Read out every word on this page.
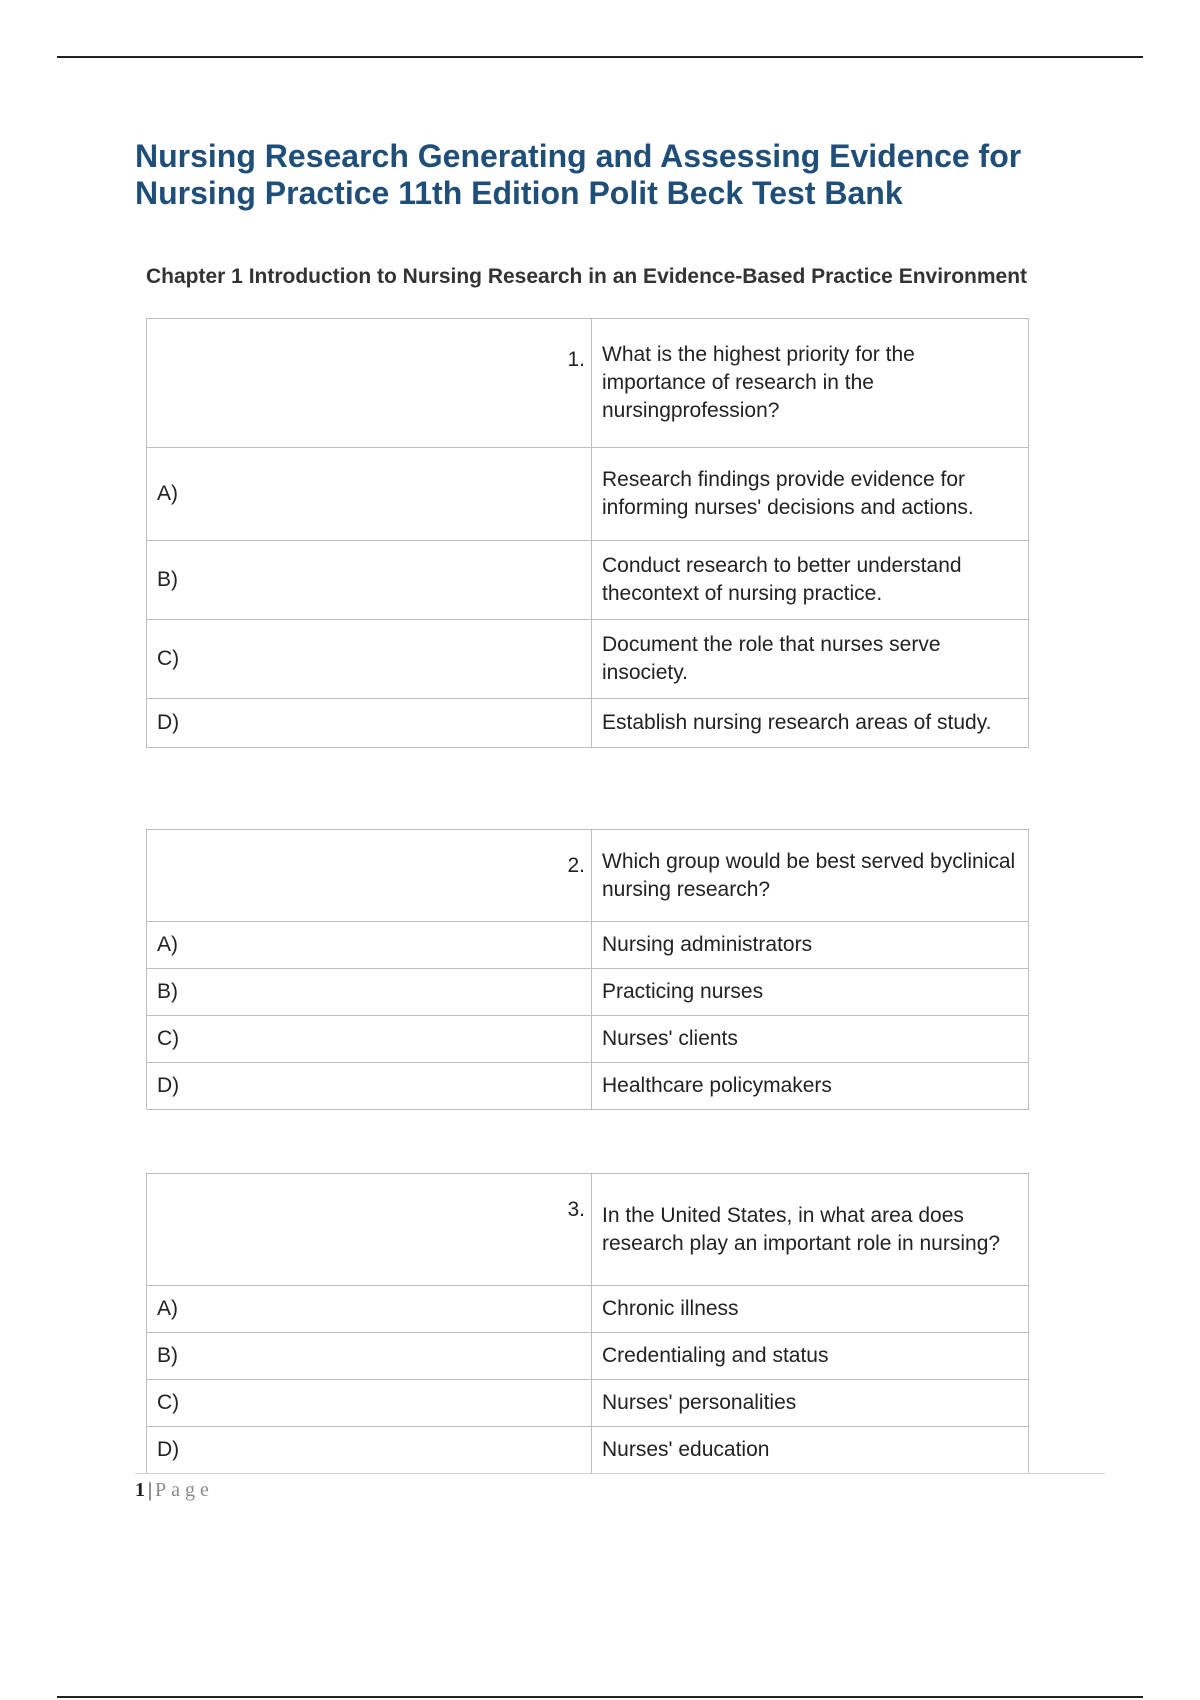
Nursing Research Generating and Assessing Evidence for
Nursing Practice 11th Edition Polit Beck Test Bank
Chapter 1 Introduction to Nursing Research in an Evidence-Based Practice Environment
1.	What is the highest priority for the importance of research in the nursingprofession?
A)	Research findings provide evidence for informing nurses' decisions and actions.
B)	Conduct research to better understand thecontext of nursing practice.
C)	Document the role that nurses serve insociety.
D)	Establish nursing research areas of study.
2.	Which group would be best served byclinical nursing research?
A)	Nursing administrators
B)	Practicing nurses
C)	Nurses' clients
D)	Healthcare policymakers
3.	In the United States, in what area does research play an important role in nursing?
A)	Chronic illness
B)	Credentialing and status
C)	Nurses' personalities
D)	Nurses' education
1 | Page
